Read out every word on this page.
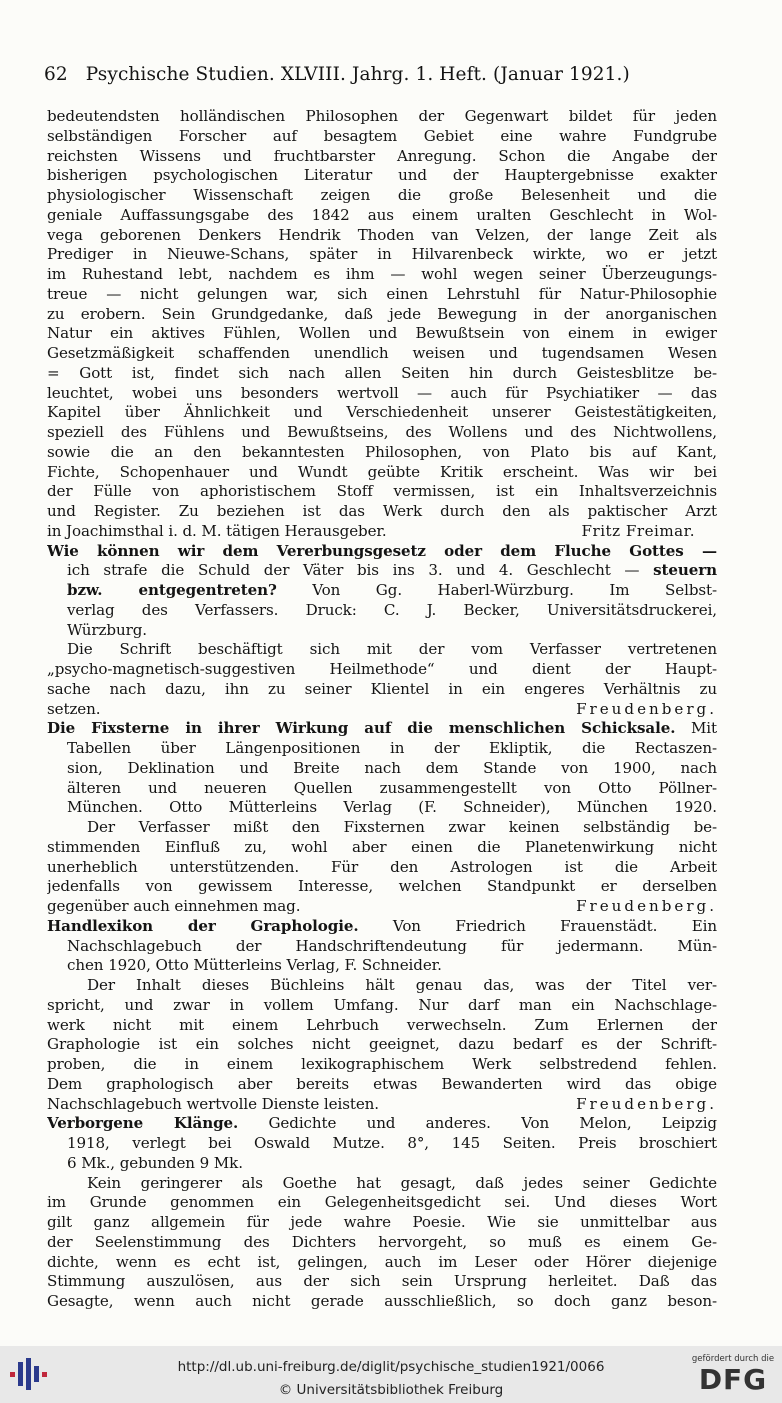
62 Psychische Studien. XLVIII. Jahrg. 1. Heft. (Januar 1921.)
bedeutendsten holländischen Philosophen der Gegenwart bildet für jeden
selbständigen Forscher auf besagtem Gebiet eine wahre Fundgrube
reichsten Wissens und fruchtbarster Anregung. Schon die Angabe der
bisherigen psychologischen Literatur und der Hauptergebnisse exakter
physiologischer Wissenschaft zeigen die große Belesenheit und die
geniale Auffassungsgabe des 1842 aus einem uralten Geschlecht in Wol-
vega geborenen Denkers Hendrik Thoden van Velzen, der lange Zeit als
Prediger in Nieuwe-Schans, später in Hilvarenbeck wirkte, wo er jetzt
im Ruhestand lebt, nachdem es ihm — wohl wegen seiner Überzeugungs-
treue — nicht gelungen war, sich einen Lehrstuhl für Natur-Philosophie
zu erobern. Sein Grundgedanke, daß jede Bewegung in der anorganischen
Natur ein aktives Fühlen, Wollen und Bewußtsein von einem in ewiger
Gesetzmäßigkeit schaffenden unendlich weisen und tugendsamen Wesen
= Gott ist, findet sich nach allen Seiten hin durch Geistesblitze be-
leuchtet, wobei uns besonders wertvoll — auch für Psychiatiker — das
Kapitel über Ähnlichkeit und Verschiedenheit unserer Geistestätigkeiten,
speziell des Fühlens und Bewußtseins, des Wollens und des Nichtwollens,
sowie die an den bekanntesten Philosophen, von Plato bis auf Kant,
Fichte, Schopenhauer und Wundt geübte Kritik erscheint. Was wir bei
der Fülle von aphoristischem Stoff vermissen, ist ein Inhaltsverzeichnis
und Register. Zu beziehen ist das Werk durch den als paktischer Arzt
in Joachimsthal i. d. M. tätigen Herausgeber.	Fritz Freimar.
Wie können wir dem Vererbungsgesetz oder dem Fluche Gottes —
ich strafe die Schuld der Väter bis ins 3. und 4. Geschlecht — steuern
bzw. entgegentreten? Von Gg. Haberl-Würzburg. Im Selbst-
verlag des Verfassers. Druck: C. J. Becker, Universitätsdruckerei,
Würzburg.
Die Schrift beschäftigt sich mit der vom Verfasser vertretenen
„psycho-magnetisch-suggestiven Heilmethode“ und dient der Haupt-
sache nach dazu, ihn zu seiner Klientel in ein engeres Verhältnis zu
setzen.	Freudenberg.
Die Fixsterne in ihrer Wirkung auf die menschlichen Schicksale. Mit
Tabellen über Längenpositionen in der Ekliptik, die Rectaszen-
sion, Deklination und Breite nach dem Stande von 1900, nach
älteren und neueren Quellen zusammengestellt von Otto Pöllner-
München. Otto Mütterleins Verlag (F. Schneider), München 1920.
Der Verfasser mißt den Fixsternen zwar keinen selbständig be-
stimmenden Einfluß zu, wohl aber einen die Planetenwirkung nicht
unerheblich unterstützenden. Für den Astrologen ist die Arbeit
jedenfalls von gewissem Interesse, welchen Standpunkt er derselben
gegenüber auch einnehmen mag.	Freudenberg.
Handlexikon der Graphologie. Von Friedrich Frauenstädt. Ein
Nachschlagebuch der Handschriftendeutung für jedermann. Mün-
chen 1920, Otto Mütterleins Verlag, F. Schneider.
Der Inhalt dieses Büchleins hält genau das, was der Titel ver-
spricht, und zwar in vollem Umfang. Nur darf man ein Nachschlage-
werk nicht mit einem Lehrbuch verwechseln. Zum Erlernen der
Graphologie ist ein solches nicht geeignet, dazu bedarf es der Schrift-
proben, die in einem lexikographischem Werk selbstredend fehlen.
Dem graphologisch aber bereits etwas Bewanderten wird das obige
Nachschlagebuch wertvolle Dienste leisten.	Freudenberg.
Verborgene Klänge. Gedichte und anderes. Von Melon, Leipzig
1918, verlegt bei Oswald Mutze. 8°, 145 Seiten. Preis broschiert
6 Mk., gebunden 9 Mk.
Kein geringerer als Goethe hat gesagt, daß jedes seiner Gedichte
im Grunde genommen ein Gelegenheitsgedicht sei. Und dieses Wort
gilt ganz allgemein für jede wahre Poesie. Wie sie unmittelbar aus
der Seelenstimmung des Dichters hervorgeht, so muß es einem Ge-
dichte, wenn es echt ist, gelingen, auch im Leser oder Hörer diejenige
Stimmung auszulösen, aus der sich sein Ursprung herleitet. Daß das
Gesagte, wenn auch nicht gerade ausschließlich, so doch ganz beson-
http://dl.ub.uni-freiburg.de/diglit/psychische_studien1921/0066
© Universitätsbibliothek Freiburg
gefördert durch die
DFG
